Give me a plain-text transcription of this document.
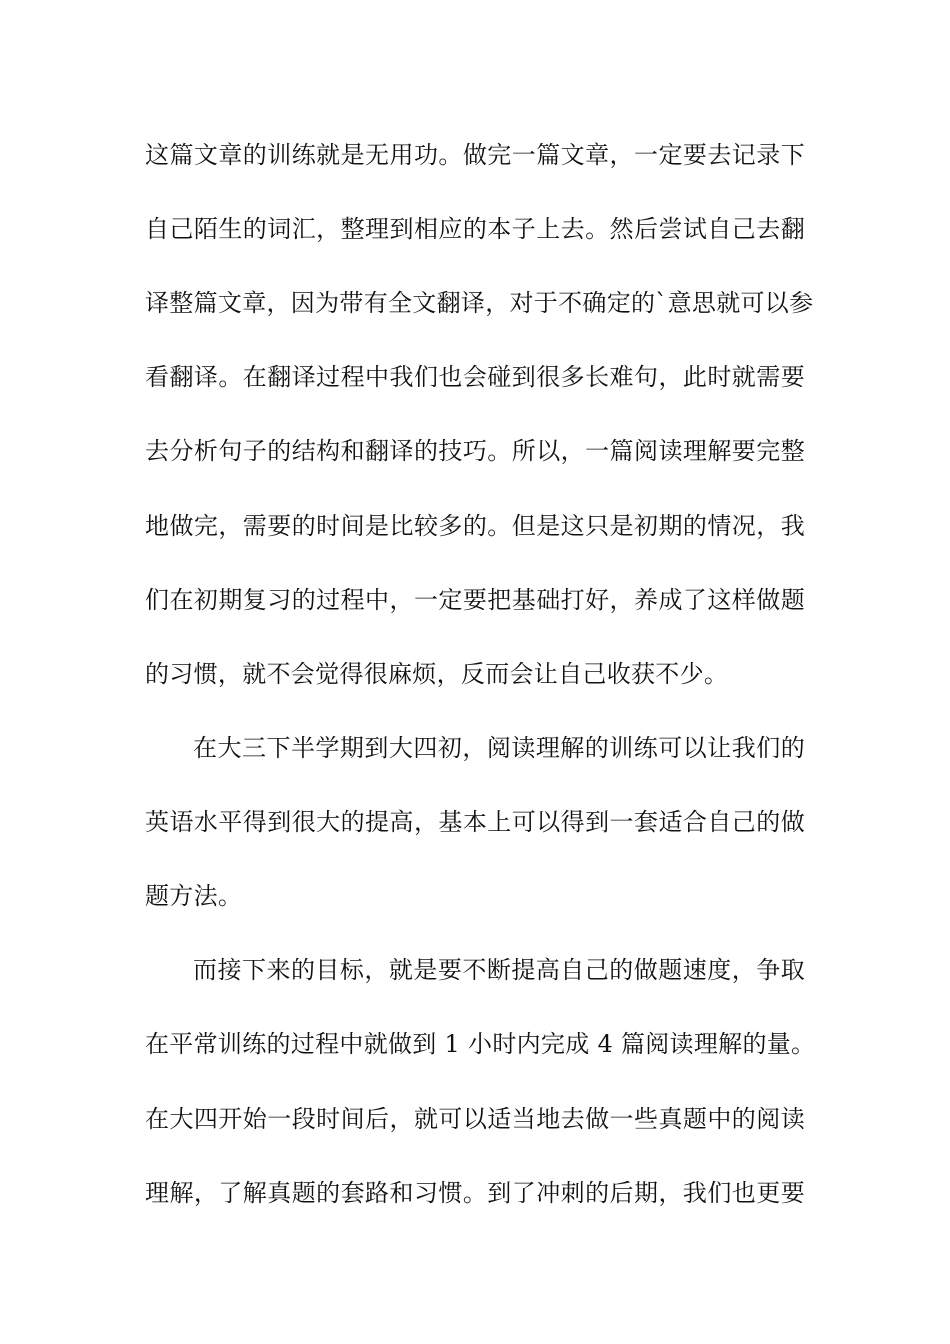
这篇文章的训练就是无用功。做完一篇文章，一定要去记录下
自己陌生的词汇，整理到相应的本子上去。然后尝试自己去翻
译整篇文章，因为带有全文翻译，对于不确定的`意思就可以参
看翻译。在翻译过程中我们也会碰到很多长难句，此时就需要
去分析句子的结构和翻译的技巧。所以，一篇阅读理解要完整
地做完，需要的时间是比较多的。但是这只是初期的情况，我
们在初期复习的过程中，一定要把基础打好，养成了这样做题
的习惯，就不会觉得很麻烦，反而会让自己收获不少。
在大三下半学期到大四初，阅读理解的训练可以让我们的
英语水平得到很大的提高，基本上可以得到一套适合自己的做
题方法。
而接下来的目标，就是要不断提高自己的做题速度，争取
在平常训练的过程中就做到 1 小时内完成 4 篇阅读理解的量。
在大四开始一段时间后，就可以适当地去做一些真题中的阅读
理解，了解真题的套路和习惯。到了冲刺的后期，我们也更要
